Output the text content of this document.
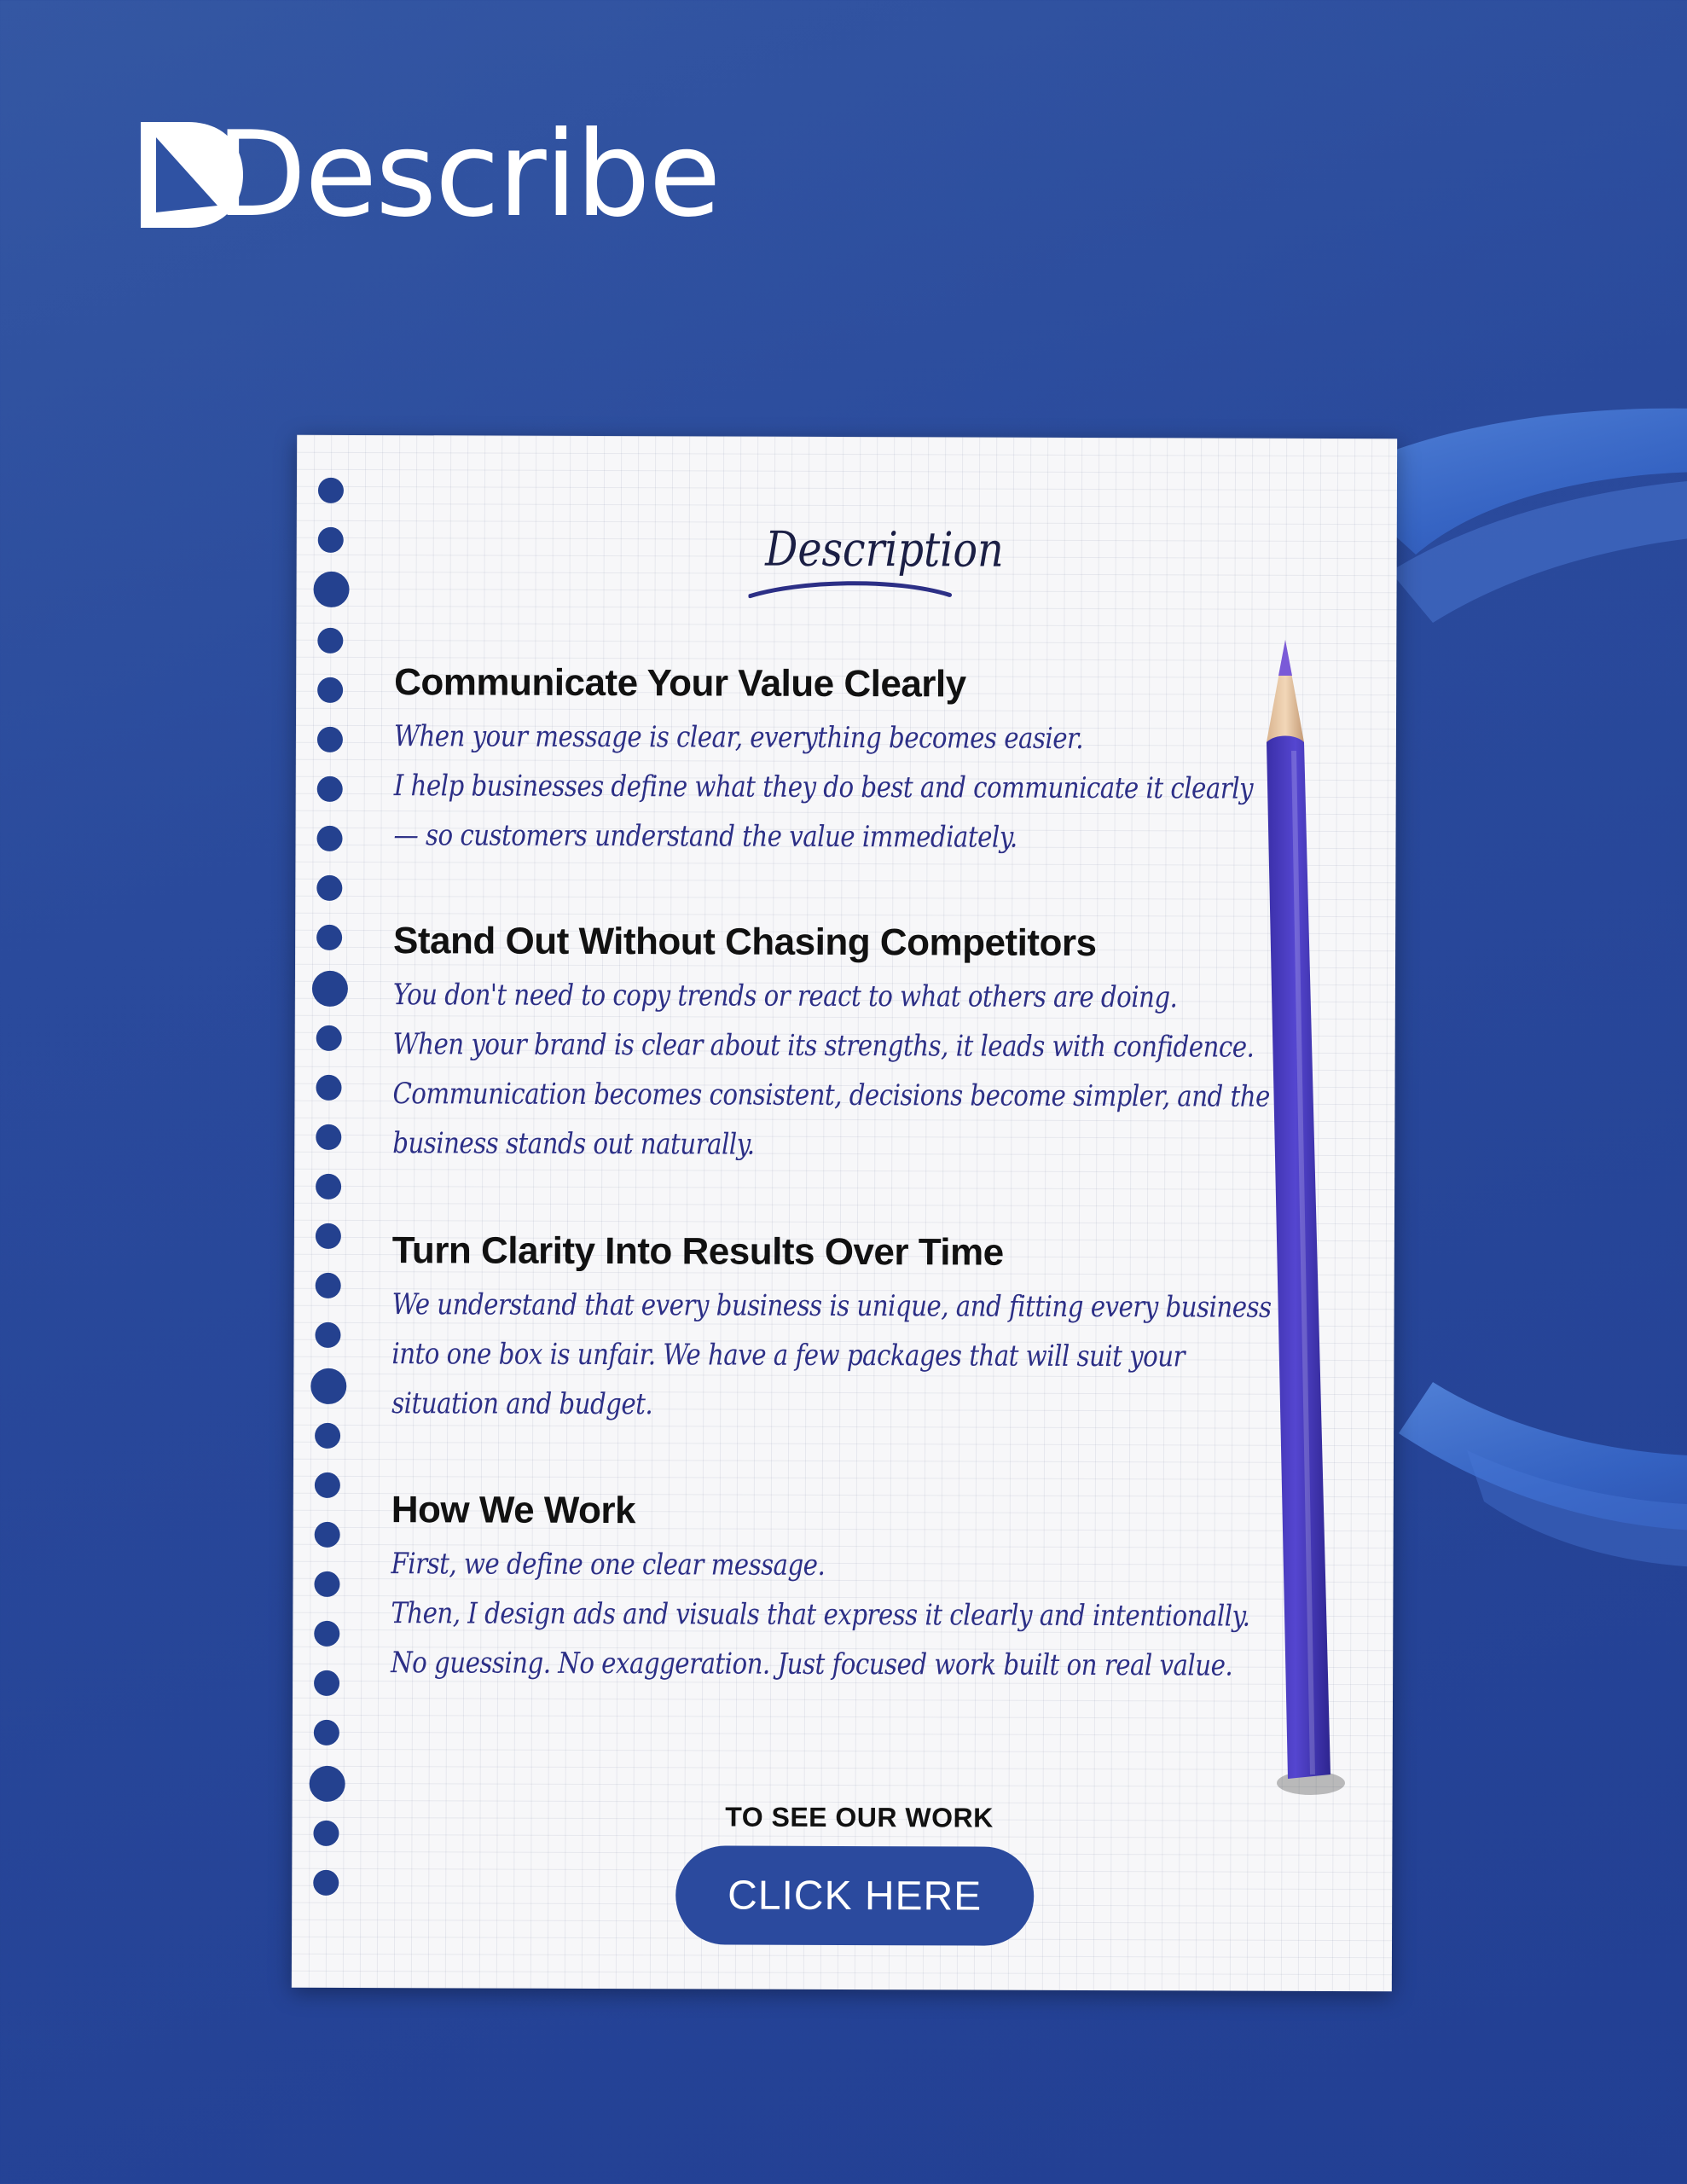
Describe
Description
Communicate Your Value Clearly

When your message is clear, everything becomes easier.

I help businesses define what they do best and communicate it clearly

— so customers understand the value immediately.

Stand Out Without Chasing Competitors

You don't need to copy trends or react to what others are doing.

When your brand is clear about its strengths, it leads with confidence.

Communication becomes consistent, decisions become simpler, and the

business stands out naturally.

Turn Clarity Into Results Over Time

We understand that every business is unique, and fitting every business

into one box is unfair. We have a few packages that will suit your

situation and budget.

How We Work

First, we define one clear message.

Then, I design ads and visuals that express it clearly and intentionally.

No guessing. No exaggeration. Just focused work built on real value.

TO SEE OUR WORK
CLICK HERE
